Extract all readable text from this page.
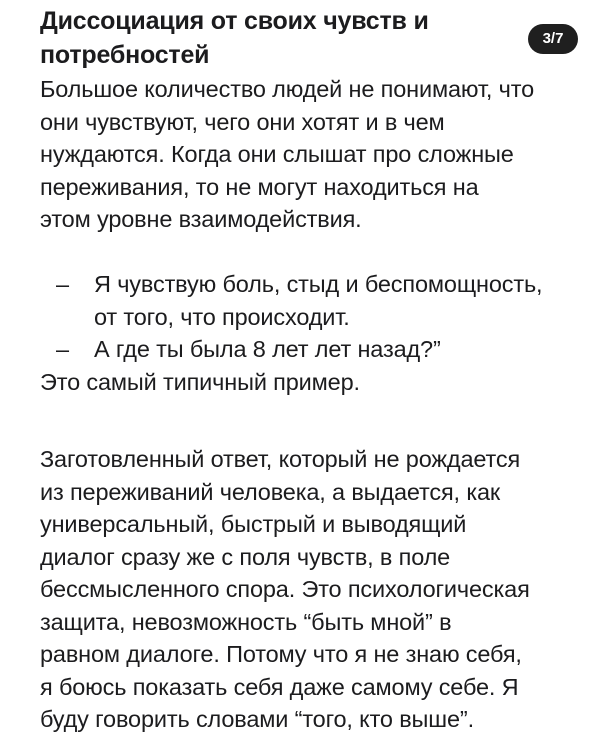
Диссоциация от своих чувств и
потребностей
3/7

Большое количество людей не понимают, что
они чувствуют, чего они хотят и в чем
нуждаются. Когда они слышат про сложные
переживания, то не могут находиться на
этом уровне взаимодействия.

– Я чувствую боль, стыд и беспомощность,
от того, что происходит.
– А где ты была 8 лет лет назад?”

Это самый типичный пример.

Заготовленный ответ, который не рождается
из переживаний человека, а выдается, как
универсальный, быстрый и выводящий
диалог сразу же с поля чувств, в поле
бессмысленного спора. Это психологическая
защита, невозможность “быть мной” в
равном диалоге. Потому что я не знаю себя,
я боюсь показать себя даже самому себе. Я
буду говорить словами “того, кто выше”.
